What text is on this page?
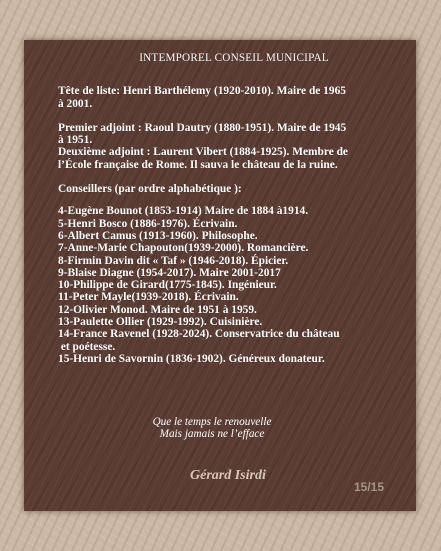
INTEMPOREL CONSEIL MUNICIPAL
Tête de liste: Henri Barthélemy (1920-2010). Maire de 1965
à 2001.
Premier adjoint : Raoul Dautry (1880-1951). Maire de 1945
à 1951.
Deuxième adjoint : Laurent Vibert (1884-1925). Membre de
l’École française de Rome. Il sauva le château de la ruine.
Conseillers (par ordre alphabétique ):
4-Eugène Bounot (1853-1914) Maire de 1884 à1914.
5-Henri Bosco (1886-1976). Écrivain.
6-Albert Camus (1913-1960). Philosophe.
7-Anne-Marie Chapouton(1939-2000). Romancière.
8-Firmin Davin dit « Taf » (1946-2018). Épicier.
9-Blaise Diagne (1954-2017). Maire 2001-2017
10-Philippe de Girard(1775-1845). Ingénieur.
11-Peter Mayle(1939-2018). Écrivain.
12-Olivier Monod. Maire de 1951 à 1959.
13-Paulette Ollier (1929-1992). Cuisinière.
14-France Ravenel (1928-2024). Conservatrice du château
et poétesse.
15-Henri de Savornin (1836-1902). Généreux donateur.
Que le temps le renouvelle
Mais jamais ne l’efface
Gérard Isirdi
15/15
